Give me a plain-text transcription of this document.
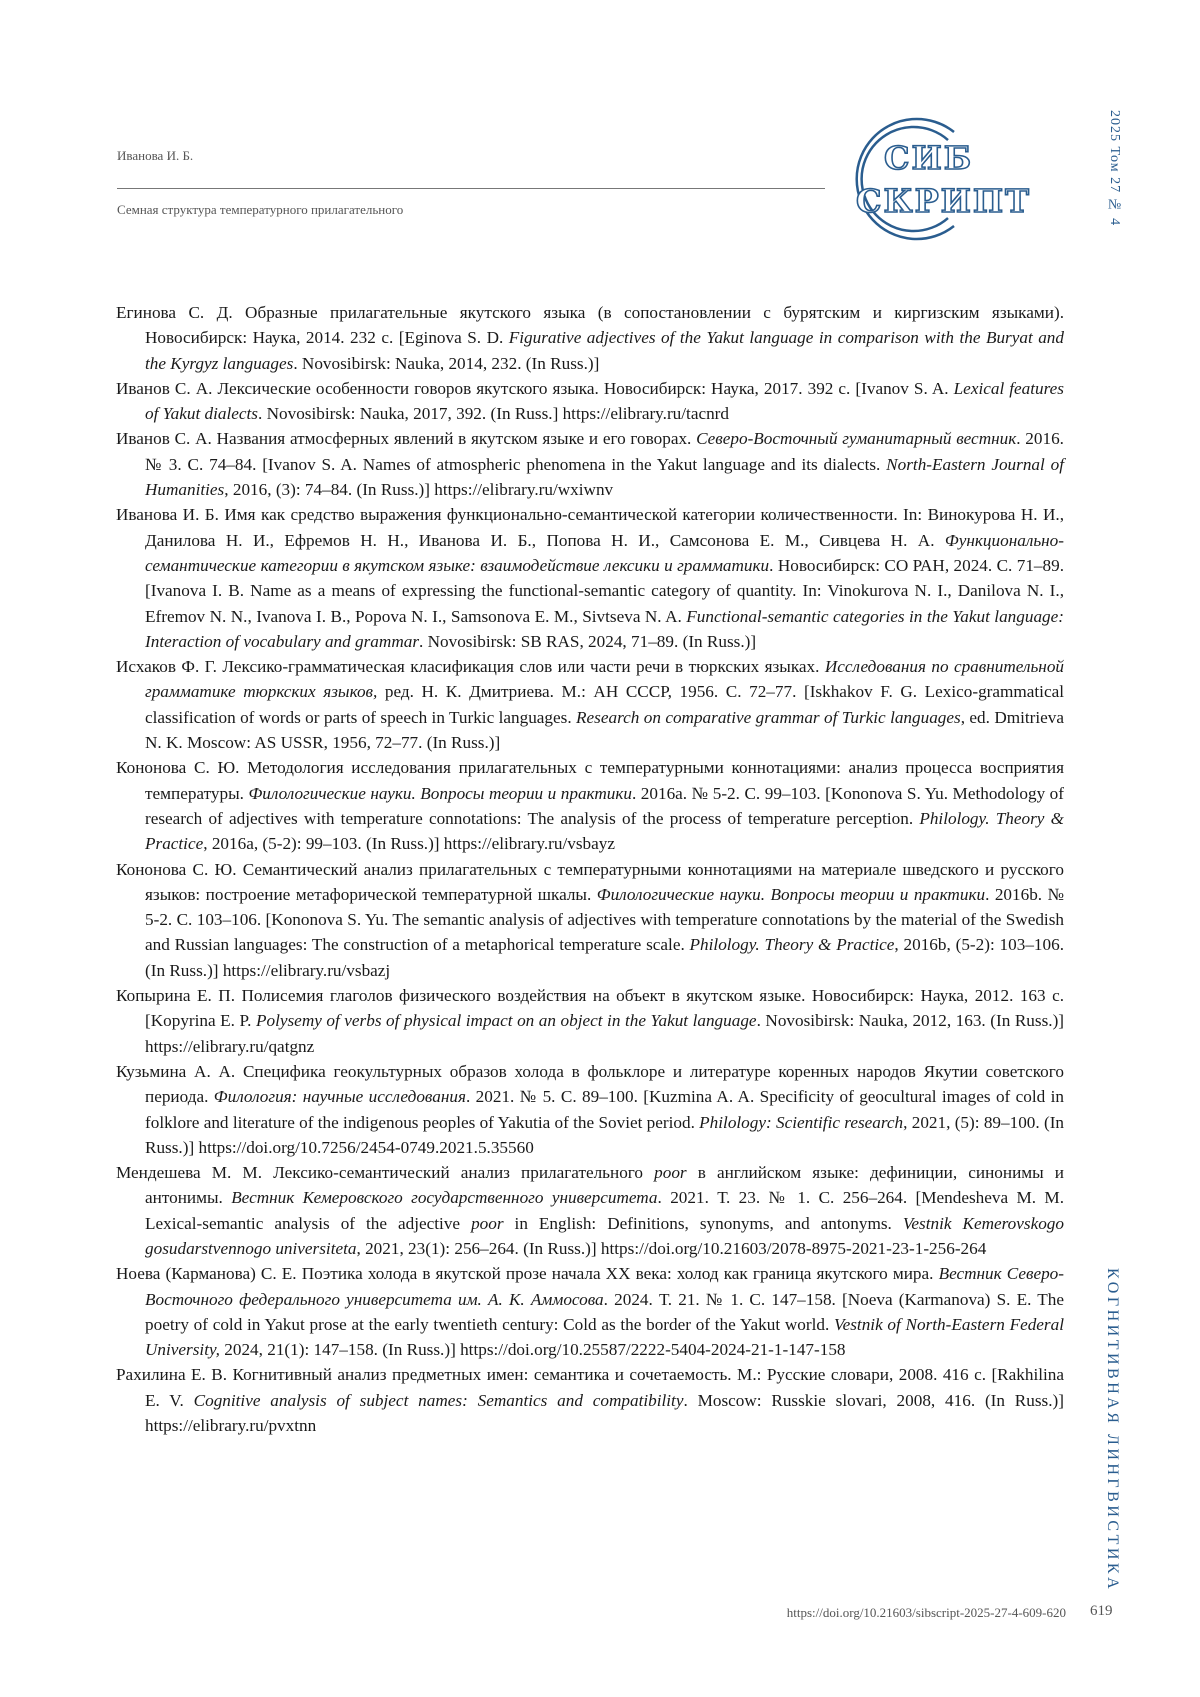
Иванова И. Б.
Семная структура температурного прилагательного
СИБ
СКРИПТ	2025 Том 27 № 4
КОГНИТИВНАЯ ЛИНГВИСТИКА
Егинова С. Д. Образные прилагательные якутского языка (в сопостановлении с бурятским и киргизским языками). Новосибирск: Наука, 2014. 232 с. [Eginova S. D. Figurative adjectives of the Yakut language in comparison with the Buryat and the Kyrgyz languages. Novosibirsk: Nauka, 2014, 232. (In Russ.)]
Иванов С. А. Лексические особенности говоров якутского языка. Новосибирск: Наука, 2017. 392 с. [Ivanov S. A. Lexical features of Yakut dialects. Novosibirsk: Nauka, 2017, 392. (In Russ.] https://elibrary.ru/tacnrd
Иванов С. А. Названия атмосферных явлений в якутском языке и его говорах. Северо-Восточный гуманитарный вестник. 2016. № 3. С. 74–84. [Ivanov S. A. Names of atmospheric phenomena in the Yakut language and its dialects. North-Eastern Journal of Humanities, 2016, (3): 74–84. (In Russ.)] https://elibrary.ru/wxiwnv
Иванова И. Б. Имя как средство выражения функционально-семантической категории количественности. In: Винокурова Н. И., Данилова Н. И., Ефремов Н. Н., Иванова И. Б., Попова Н. И., Самсонова Е. М., Сивцева Н. А. Функционально-семантические категории в якутском языке: взаимодействие лексики и грамматики. Новосибирск: СО РАН, 2024. С. 71–89. [Ivanova I. B. Name as a means of expressing the functional-semantic category of quantity. In: Vinokurova N. I., Danilova N. I., Efremov N. N., Ivanova I. B., Popova N. I., Samsonova E. M., Sivtseva N. A. Functional-semantic categories in the Yakut language: Interaction of vocabulary and grammar. Novosibirsk: SB RAS, 2024, 71–89. (In Russ.)]
Исхаков Ф. Г. Лексико-грамматическая класификация слов или части речи в тюркских языках. Исследования по сравнительной грамматике тюркских языков, ред. Н. К. Дмитриева. М.: АН СССР, 1956. С. 72–77. [Iskhakov F. G. Lexico-grammatical classification of words or parts of speech in Turkic languages. Research on comparative grammar of Turkic languages, ed. Dmitrieva N. K. Moscow: AS USSR, 1956, 72–77. (In Russ.)]
Кононова С. Ю. Методология исследования прилагательных с температурными коннотациями: анализ процесса восприятия температуры. Филологические науки. Вопросы теории и практики. 2016a. № 5-2. С. 99–103. [Kononova S. Yu. Methodology of research of adjectives with temperature connotations: The analysis of the process of temperature perception. Philology. Theory & Practice, 2016a, (5-2): 99–103. (In Russ.)] https://elibrary.ru/vsbayz
Кононова С. Ю. Семантический анализ прилагательных с температурными коннотациями на материале шведского и русского языков: построение метафорической температурной шкалы. Филологические науки. Вопросы теории и практики. 2016b. № 5-2. С. 103–106. [Kononova S. Yu. The semantic analysis of adjectives with temperature connotations by the material of the Swedish and Russian languages: The construction of a metaphorical temperature scale. Philology. Theory & Practice, 2016b, (5-2): 103–106. (In Russ.)] https://elibrary.ru/vsbazj
Копырина Е. П. Полисемия глаголов физического воздействия на объект в якутском языке. Новосибирск: Наука, 2012. 163 с. [Kopyrina E. P. Polysemy of verbs of physical impact on an object in the Yakut language. Novosibirsk: Nauka, 2012, 163. (In Russ.)] https://elibrary.ru/qatgnz
Кузьмина А. А. Специфика геокультурных образов холода в фольклоре и литературе коренных народов Якутии советского периода. Филология: научные исследования. 2021. № 5. С. 89–100. [Kuzmina A. A. Specificity of geocultural images of cold in folklore and literature of the indigenous peoples of Yakutia of the Soviet period. Philology: Scientific research, 2021, (5): 89–100. (In Russ.)] https://doi.org/10.7256/2454-0749.2021.5.35560
Мендешева М. М. Лексико-семантический анализ прилагательного poor в английском языке: дефиниции, синонимы и антонимы. Вестник Кемеровского государственного университета. 2021. Т. 23. № 1. С. 256–264. [Mendesheva M. M. Lexical-semantic analysis of the adjective poor in English: Definitions, synonyms, and antonyms. Vestnik Kemerovskogo gosudarstvennogo universiteta, 2021, 23(1): 256–264. (In Russ.)] https://doi.org/10.21603/2078-8975-2021-23-1-256-264
Ноева (Карманова) С. Е. Поэтика холода в якутской прозе начала XX века: холод как граница якутского мира. Вестник Северо-Восточного федерального университета им. А. К. Аммосова. 2024. Т. 21. № 1. С. 147–158. [Noeva (Karmanova) S. E. The poetry of cold in Yakut prose at the early twentieth century: Cold as the border of the Yakut world. Vestnik of North-Eastern Federal University, 2024, 21(1): 147–158. (In Russ.)] https://doi.org/10.25587/2222-5404-2024-21-1-147-158
Рахилина Е. В. Когнитивный анализ предметных имен: семантика и сочетаемость. М.: Русские словари, 2008. 416 с. [Rakhilina E. V. Cognitive analysis of subject names: Semantics and compatibility. Moscow: Russkie slovari, 2008, 416. (In Russ.)] https://elibrary.ru/pvxtnn
https://doi.org/10.21603/sibscript-2025-27-4-609-620 619
